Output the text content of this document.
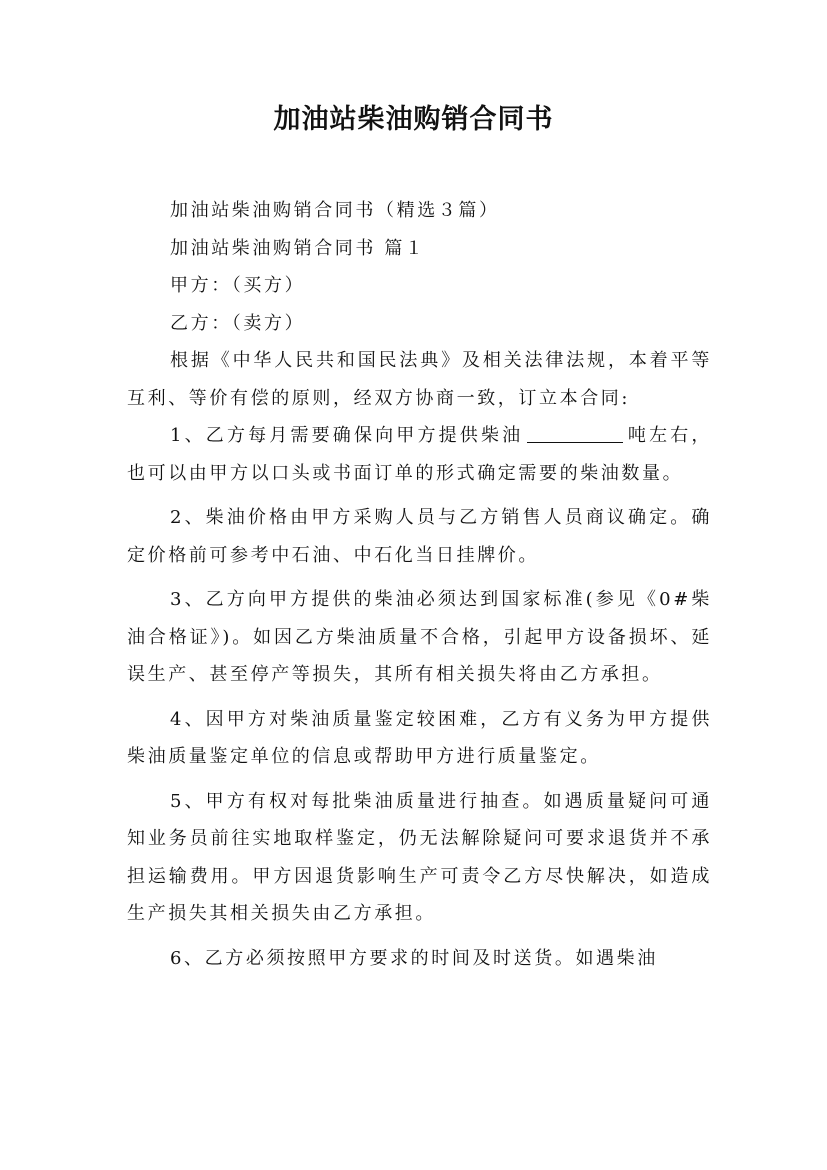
加油站柴油购销合同书

加油站柴油购销合同书（精选３篇）

加油站柴油购销合同书 篇１

甲方：（买方）

乙方：（卖方）

根据《中华人民共和国民法典》及相关法律法规，本着平等互利、等价有偿的原则，经双方协商一致，订立本合同:

1、乙方每月需要确保向甲方提供柴油	吨左右，也可以由甲方以口头或书面订单的形式确定需要的柴油数量。

2、柴油价格由甲方采购人员与乙方销售人员商议确定。确定价格前可参考中石油、中石化当日挂牌价。

3、乙方向甲方提供的柴油必须达到国家标准(参见《0#柴油合格证》)。如因乙方柴油质量不合格，引起甲方设备损坏、延误生产、甚至停产等损失，其所有相关损失将由乙方承担。

4、因甲方对柴油质量鉴定较困难，乙方有义务为甲方提供柴油质量鉴定单位的信息或帮助甲方进行质量鉴定。

5、甲方有权对每批柴油质量进行抽查。如遇质量疑问可通知业务员前往实地取样鉴定，仍无法解除疑问可要求退货并不承担运输费用。甲方因退货影响生产可责令乙方尽快解决，如造成生产损失其相关损失由乙方承担。

6、乙方必须按照甲方要求的时间及时送货。如遇柴油
